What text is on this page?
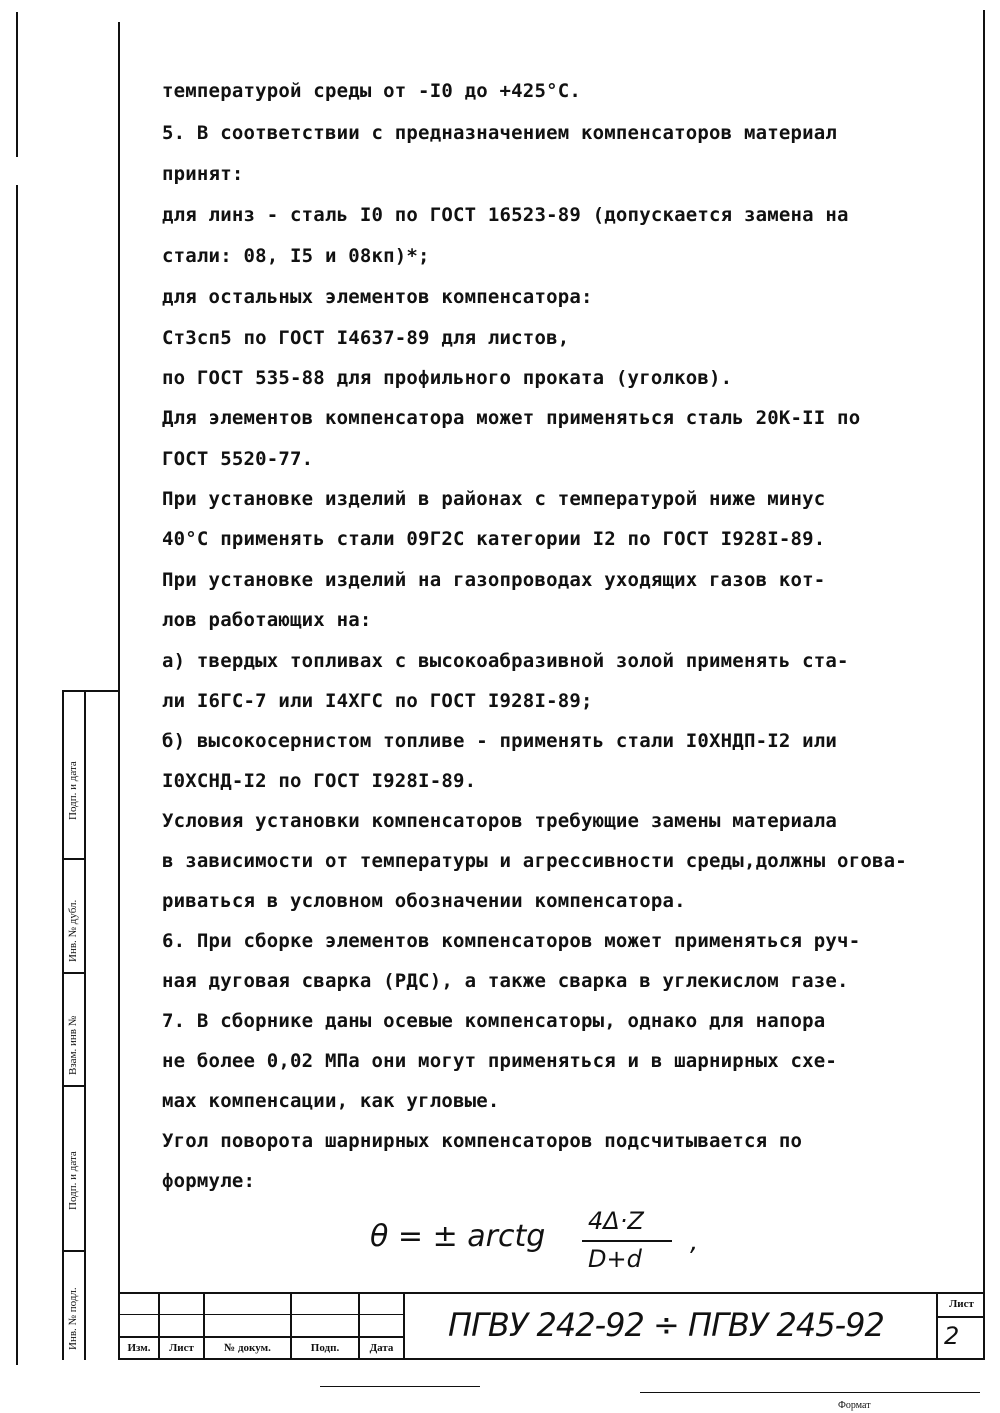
температурой среды от -I0 до +425°С.
5. В соответствии с предназначением компенсаторов материал
принят:
для линз - сталь I0 по ГОСТ 16523-89 (допускается замена на
стали: 08, I5 и 08кп)*;
для остальных элементов компенсатора:
Ст3сп5 по ГОСТ I4637-89 для листов,
по ГОСТ 535-88 для профильного проката (уголков).
Для элементов компенсатора может применяться сталь 20К-II по
ГОСТ 5520-77.
При установке изделий в районах с температурой ниже минус
40°С применять стали 09Г2С категории I2 по ГОСТ I928I-89.
При установке изделий на газопроводах уходящих газов кот-
лов работающих на:
а) твердых топливах с высокоабразивной золой применять ста-
ли I6ГС-7 или I4ХГС по ГОСТ I928I-89;
б) высокосернистом топливе - применять стали I0ХНДП-I2 или
I0ХСНД-I2 по ГОСТ I928I-89.
Условия установки компенсаторов требующие замены материала
в зависимости от температуры и агрессивности среды,должны огова-
риваться в условном обозначении компенсатора.
6. При сборке элементов компенсаторов может применяться руч-
ная дуговая сварка (РДС), а также сварка в углекислом газе.
7. В сборнике даны осевые компенсаторы, однако для напора
не более 0,02 МПа они могут применяться и в шарнирных схе-
мах компенсации, как угловые.
Угол поворота шарнирных компенсаторов подсчитывается по
формуле:
θ = ± arctg 4Δ·Z
D+d
,
Подп. и дата
Инв. № дубл.
Взам. инв №
Подп. и дата
Инв. № подл.	Изм.	Лист	№ докум.	Подп.	Дата
ПГВУ 242-92 ÷ ПГВУ 245-92
Лист
2
Формат
